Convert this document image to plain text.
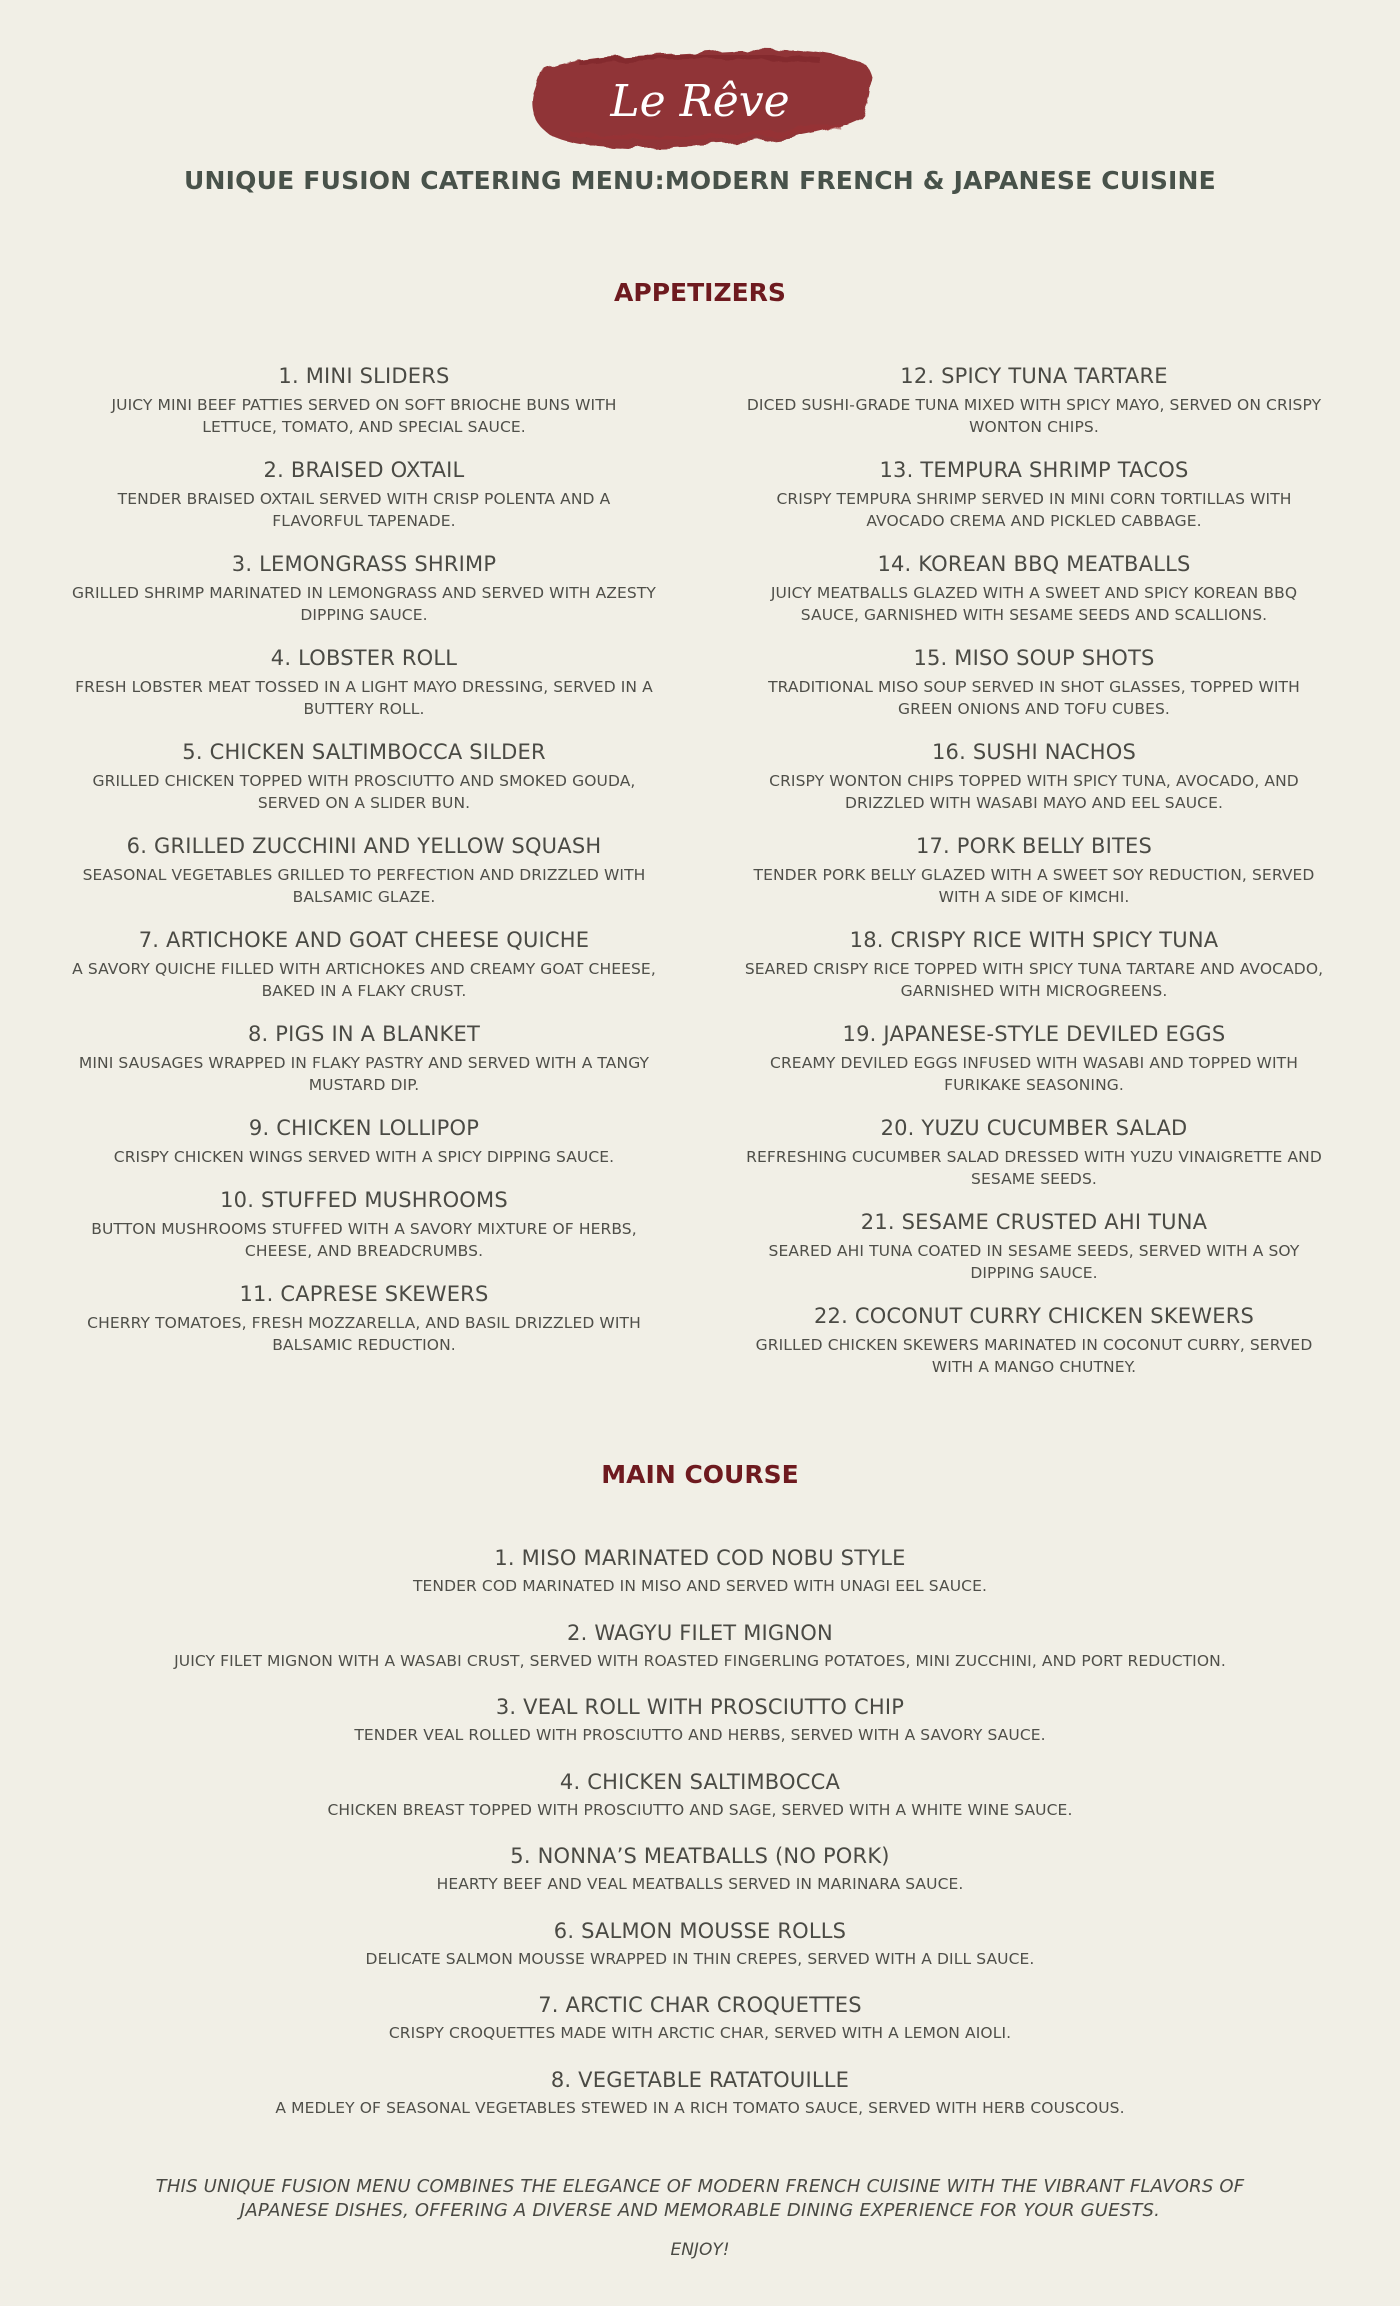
Le Rêve
UNIQUE FUSION CATERING MENU:MODERN FRENCH & JAPANESE CUISINE
APPETIZERS
1. MINI SLIDERS
JUICY MINI BEEF PATTIES SERVED ON SOFT BRIOCHE BUNS WITH LETTUCE, TOMATO, AND SPECIAL SAUCE.
2. BRAISED OXTAIL
TENDER BRAISED OXTAIL SERVED WITH CRISP POLENTA AND A FLAVORFUL TAPENADE.
3. LEMONGRASS SHRIMP
GRILLED SHRIMP MARINATED IN LEMONGRASS AND SERVED WITH AZESTY DIPPING SAUCE.
4. LOBSTER ROLL
FRESH LOBSTER MEAT TOSSED IN A LIGHT MAYO DRESSING, SERVED IN A BUTTERY ROLL.
5. CHICKEN SALTIMBOCCA SILDER
GRILLED CHICKEN TOPPED WITH PROSCIUTTO AND SMOKED GOUDA, SERVED ON A SLIDER BUN.
6. GRILLED ZUCCHINI AND YELLOW SQUASH
SEASONAL VEGETABLES GRILLED TO PERFECTION AND DRIZZLED WITH BALSAMIC GLAZE.
7. ARTICHOKE AND GOAT CHEESE QUICHE
A SAVORY QUICHE FILLED WITH ARTICHOKES AND CREAMY GOAT CHEESE, BAKED IN A FLAKY CRUST.
8. PIGS IN A BLANKET
MINI SAUSAGES WRAPPED IN FLAKY PASTRY AND SERVED WITH A TANGY MUSTARD DIP.
9. CHICKEN LOLLIPOP
CRISPY CHICKEN WINGS SERVED WITH A SPICY DIPPING SAUCE.
10. STUFFED MUSHROOMS
BUTTON MUSHROOMS STUFFED WITH A SAVORY MIXTURE OF HERBS, CHEESE, AND BREADCRUMBS.
11. CAPRESE SKEWERS
CHERRY TOMATOES, FRESH MOZZARELLA, AND BASIL DRIZZLED WITH BALSAMIC REDUCTION.
12. SPICY TUNA TARTARE
DICED SUSHI-GRADE TUNA MIXED WITH SPICY MAYO, SERVED ON CRISPY WONTON CHIPS.
13. TEMPURA SHRIMP TACOS
CRISPY TEMPURA SHRIMP SERVED IN MINI CORN TORTILLAS WITH AVOCADO CREMA AND PICKLED CABBAGE.
14. KOREAN BBQ MEATBALLS
JUICY MEATBALLS GLAZED WITH A SWEET AND SPICY KOREAN BBQ SAUCE, GARNISHED WITH SESAME SEEDS AND SCALLIONS.
15. MISO SOUP SHOTS
TRADITIONAL MISO SOUP SERVED IN SHOT GLASSES, TOPPED WITH GREEN ONIONS AND TOFU CUBES.
16. SUSHI NACHOS
CRISPY WONTON CHIPS TOPPED WITH SPICY TUNA, AVOCADO, AND DRIZZLED WITH WASABI MAYO AND EEL SAUCE.
17. PORK BELLY BITES
TENDER PORK BELLY GLAZED WITH A SWEET SOY REDUCTION, SERVED WITH A SIDE OF KIMCHI.
18. CRISPY RICE WITH SPICY TUNA
SEARED CRISPY RICE TOPPED WITH SPICY TUNA TARTARE AND AVOCADO, GARNISHED WITH MICROGREENS.
19. JAPANESE-STYLE DEVILED EGGS
CREAMY DEVILED EGGS INFUSED WITH WASABI AND TOPPED WITH FURIKAKE SEASONING.
20. YUZU CUCUMBER SALAD
REFRESHING CUCUMBER SALAD DRESSED WITH YUZU VINAIGRETTE AND SESAME SEEDS.
21. SESAME CRUSTED AHI TUNA
SEARED AHI TUNA COATED IN SESAME SEEDS, SERVED WITH A SOY DIPPING SAUCE.
22. COCONUT CURRY CHICKEN SKEWERS
GRILLED CHICKEN SKEWERS MARINATED IN COCONUT CURRY, SERVED WITH A MANGO CHUTNEY.
MAIN COURSE
1. MISO MARINATED COD NOBU STYLE
TENDER COD MARINATED IN MISO AND SERVED WITH UNAGI EEL SAUCE.
2. WAGYU FILET MIGNON
JUICY FILET MIGNON WITH A WASABI CRUST, SERVED WITH ROASTED FINGERLING POTATOES, MINI ZUCCHINI, AND PORT REDUCTION.
3. VEAL ROLL WITH PROSCIUTTO CHIP
TENDER VEAL ROLLED WITH PROSCIUTTO AND HERBS, SERVED WITH A SAVORY SAUCE.
4. CHICKEN SALTIMBOCCA
CHICKEN BREAST TOPPED WITH PROSCIUTTO AND SAGE, SERVED WITH A WHITE WINE SAUCE.
5. NONNA’S MEATBALLS (NO PORK)
HEARTY BEEF AND VEAL MEATBALLS SERVED IN MARINARA SAUCE.
6. SALMON MOUSSE ROLLS
DELICATE SALMON MOUSSE WRAPPED IN THIN CREPES, SERVED WITH A DILL SAUCE.
7. ARCTIC CHAR CROQUETTES
CRISPY CROQUETTES MADE WITH ARCTIC CHAR, SERVED WITH A LEMON AIOLI.
8. VEGETABLE RATATOUILLE
A MEDLEY OF SEASONAL VEGETABLES STEWED IN A RICH TOMATO SAUCE, SERVED WITH HERB COUSCOUS.
THIS UNIQUE FUSION MENU COMBINES THE ELEGANCE OF MODERN FRENCH CUISINE WITH THE VIBRANT FLAVORS OF JAPANESE DISHES, OFFERING A DIVERSE AND MEMORABLE DINING EXPERIENCE FOR YOUR GUESTS.
ENJOY!
